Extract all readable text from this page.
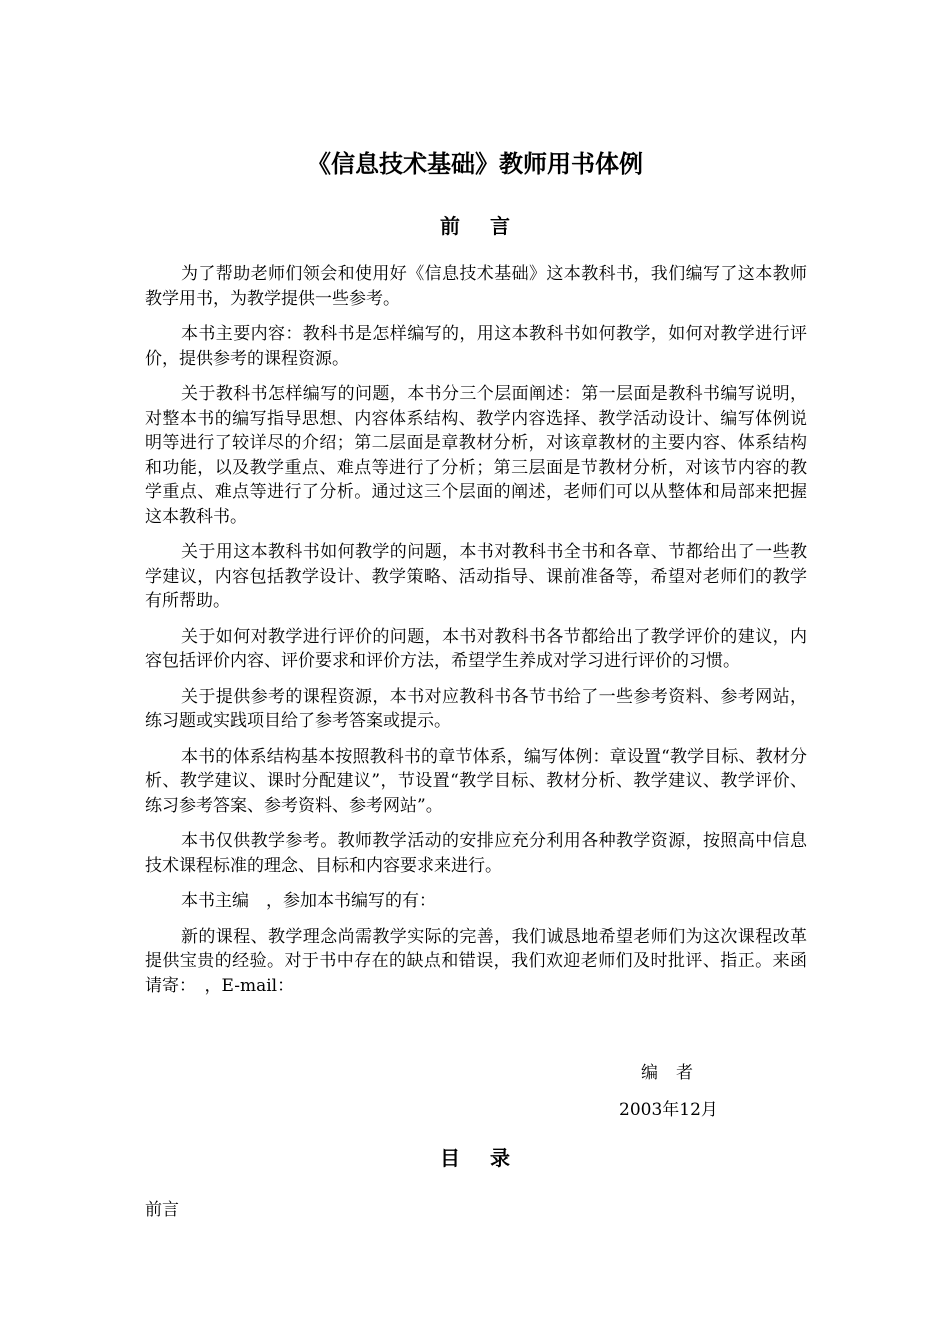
《信息技术基础》教师用书体例
前 言

为了帮助老师们领会和使用好《信息技术基础》这本教科书，我们编写了这本教师教学用书，为教学提供一些参考。

本书主要内容：教科书是怎样编写的，用这本教科书如何教学，如何对教学进行评价，提供参考的课程资源。

关于教科书怎样编写的问题，本书分三个层面阐述：第一层面是教科书编写说明，对整本书的编写指导思想、内容体系结构、教学内容选择、教学活动设计、编写体例说明等进行了较详尽的介绍；第二层面是章教材分析，对该章教材的主要内容、体系结构和功能，以及教学重点、难点等进行了分析；第三层面是节教材分析，对该节内容的教学重点、难点等进行了分析。通过这三个层面的阐述，老师们可以从整体和局部来把握这本教科书。

关于用这本教科书如何教学的问题，本书对教科书全书和各章、节都给出了一些教学建议，内容包括教学设计、教学策略、活动指导、课前准备等，希望对老师们的教学有所帮助。

关于如何对教学进行评价的问题，本书对教科书各节都给出了教学评价的建议，内容包括评价内容、评价要求和评价方法，希望学生养成对学习进行评价的习惯。

关于提供参考的课程资源，本书对应教科书各节书给了一些参考资料、参考网站，练习题或实践项目给了参考答案或提示。

本书的体系结构基本按照教科书的章节体系，编写体例：章设置“教学目标、教材分析、教学建议、课时分配建议”，节设置“教学目标、教材分析、教学建议、教学评价、练习参考答案、参考资料、参考网站”。

本书仅供教学参考。教师教学活动的安排应充分利用各种教学资源，按照高中信息技术课程标准的理念、目标和内容要求来进行。

本书主编　，参加本书编写的有：

新的课程、教学理念尚需教学实际的完善，我们诚恳地希望老师们为这次课程改革提供宝贵的经验。对于书中存在的缺点和错误，我们欢迎老师们及时批评、指正。来函请寄：　，E-mail：

编 者
2003年12月
目 录
前言
